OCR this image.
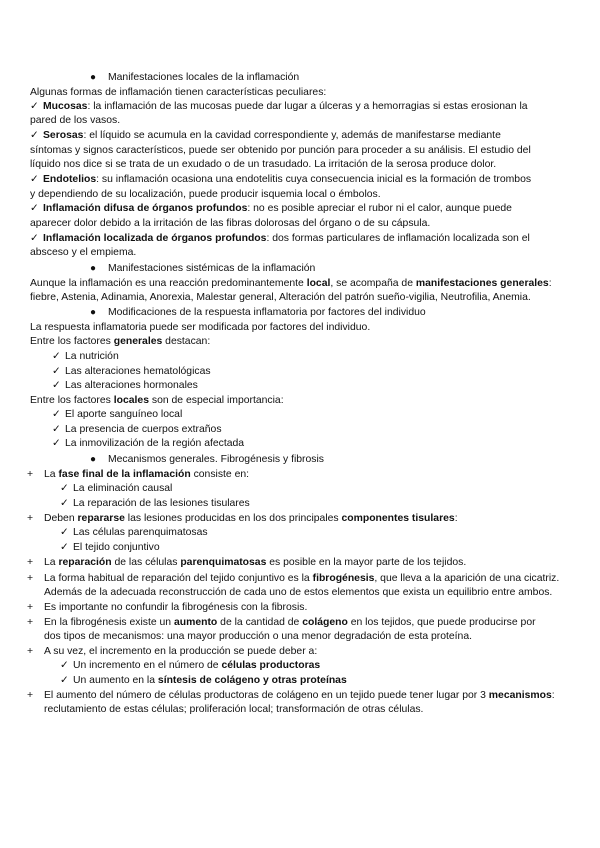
● Manifestaciones locales de la inflamación
Algunas formas de inflamación tienen características peculiares:
✓ Mucosas: la inflamación de las mucosas puede dar lugar a úlceras y a hemorragias si estas erosionan la
pared de los vasos.
✓ Serosas: el líquido se acumula en la cavidad correspondiente y, además de manifestarse mediante
síntomas y signos característicos, puede ser obtenido por punción para proceder a su análisis. El estudio del
líquido nos dice si se trata de un exudado o de un trasudado. La irritación de la serosa produce dolor.
✓ Endotelios: su inflamación ocasiona una endotelitis cuya consecuencia inicial es la formación de trombos
y dependiendo de su localización, puede producir isquemia local o émbolos.
✓ Inflamación difusa de órganos profundos: no es posible apreciar el rubor ni el calor, aunque puede
aparecer dolor debido a la irritación de las fibras dolorosas del órgano o de su cápsula.
✓ Inflamación localizada de órganos profundos: dos formas particulares de inflamación localizada son el
absceso y el empiema.
● Manifestaciones sistémicas de la inflamación
Aunque la inflamación es una reacción predominantemente local, se acompaña de manifestaciones generales:
fiebre, Astenia, Adinamia, Anorexia, Malestar general, Alteración del patrón sueño-vigilia, Neutrofilia, Anemia.
● Modificaciones de la respuesta inflamatoria por factores del individuo
La respuesta inflamatoria puede ser modificada por factores del individuo.
Entre los factores generales destacan:
✓ La nutrición
✓ Las alteraciones hematológicas
✓ Las alteraciones hormonales
Entre los factores locales son de especial importancia:
✓ El aporte sanguíneo local
✓ La presencia de cuerpos extraños
✓ La inmovilización de la región afectada
● Mecanismos generales. Fibrogénesis y fibrosis
+ La fase final de la inflamación consiste en:
✓ La eliminación causal
✓ La reparación de las lesiones tisulares
+ Deben repararse las lesiones producidas en los dos principales componentes tisulares:
✓ Las células parenquimatosas
✓ El tejido conjuntivo
+ La reparación de las células parenquimatosas es posible en la mayor parte de los tejidos.
+ La forma habitual de reparación del tejido conjuntivo es la fibrogénesis, que lleva a la aparición de una cicatriz.
Además de la adecuada reconstrucción de cada uno de estos elementos que exista un equilibrio entre ambos.
+ Es importante no confundir la fibrogénesis con la fibrosis.
+ En la fibrogénesis existe un aumento de la cantidad de colágeno en los tejidos, que puede producirse por
dos tipos de mecanismos: una mayor producción o una menor degradación de esta proteína.
+ A su vez, el incremento en la producción se puede deber a:
✓ Un incremento en el número de células productoras
✓ Un aumento en la síntesis de colágeno y otras proteínas
+ El aumento del número de células productoras de colágeno en un tejido puede tener lugar por 3 mecanismos:
reclutamiento de estas células; proliferación local; transformación de otras células.
